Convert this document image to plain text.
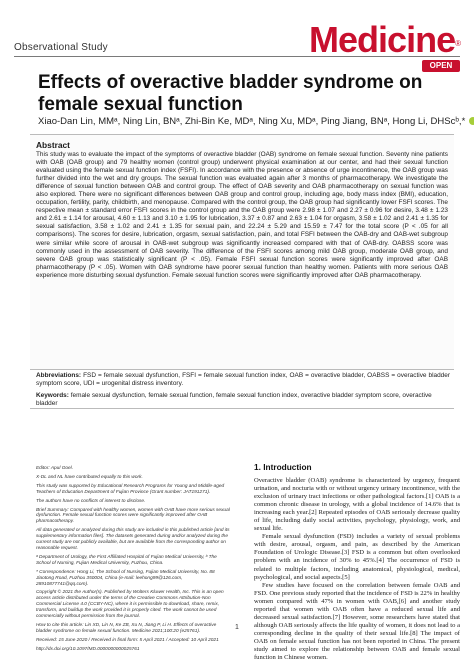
Observational Study	Medicine®
OPEN
Effects of overactive bladder syndrome on female sexual function
Xiao-Dan Lin, MMᵃ, Ning Lin, BNᵃ, Zhi-Bin Ke, MDᵃ, Ning Xu, MDᵃ, Ping Jiang, BNᵃ, Hong Li, DHScᵇ,*
Abstract

This study was to evaluate the impact of the symptoms of overactive bladder (OAB) syndrome on female sexual function. Seventy nine patients with OAB (OAB group) and 79 healthy women (control group) underwent physical examination at our center, and had their sexual function evaluated using the female sexual function index (FSFI). In accordance with the presence or absence of urge incontinence, the OAB group was further divided into the wet and dry groups. The sexual function was evaluated again after 3 months of pharmacotherapy. We investigate the difference of sexual function between OAB and control group. The effect of OAB severity and OAB pharmacotherapy on sexual function was also explored. There were no significant differences between OAB group and control group, including age, body mass index (BMI), education, occupation, fertility, parity, childbirth, and menopause. Compared with the control group, the OAB group had significantly lower FSFI scores. The respective mean ± standard error FSFI scores in the control group and the OAB group were 2.98 ± 1.07 and 2.27 ± 0.96 for desire, 3.48 ± 1.23 and 2.61 ± 1.14 for arousal, 4.60 ± 1.13 and 3.10 ± 1.95 for lubrication, 3.37 ± 0.87 and 2.63 ± 1.04 for orgasm, 3.58 ± 1.02 and 2.41 ± 1.35 for sexual satisfaction, 3.58 ± 1.02 and 2.41 ± 1.35 for sexual pain, and 22.24 ± 5.29 and 15.59 ± 7.47 for the total score (P < .05 for all comparisons). The scores for desire, lubrication, orgasm, sexual satisfaction, pain, and total FSFI between the OAB-dry and OAB-wet subgroup were similar while score of arousal in OAB-wet subgroup was significantly increased compared with that of OAB-dry. OABSS score was commonly used in the assessment of OAB severity. The difference of the FSFI scores among mild OAB group, moderate OAB group, and severe OAB group was statistically significant (P < .05). Female FSFI sexual function scores were significantly improved after OAB pharmacotherapy (P < .05). Women with OAB syndrome have poorer sexual function than healthy women. Patients with more serious OAB experience more disturbing sexual dysfunction. Female sexual function scores were significantly improved after OAB pharmacotherapy.

Abbreviations: FSD = female sexual dysfunction, FSFI = female sexual function index, OAB = overactive bladder, OABSS = overactive bladder symptom score, UDI = urogenital distress inventory.
Keywords: female sexual dysfunction, female sexual function, female sexual function index, overactive bladder symptom score, overactive bladder

Editor: Apul Goel.

X-DL and NL have contributed equally to this work.

This study was supported by Educational Research Programs for Young and Middle-aged Teachers of Education Department of Fujian Province (Grant number: JAT191271).

The authors have no conflicts of interest to disclose.

Brief Summary: Compared with healthy women, women with OAB have more serious sexual dysfunction. Female sexual function scores were significantly improved after OAB pharmacotherapy.

All data generated or analyzed during this study are included in this published article [and its supplementary information files]. The datasets generated during and/or analyzed during the current study are not publicly available, but are available from the corresponding author on reasonable request.

ᵃ Department of Urology, the First Affiliated Hospital of Fujian Medical University, ᵇ The School of Nursing, Fujian Medical University, Fuzhou, China.

* Correspondence: Hong Li, The School of Nursing, Fujian Medical University, No. 88 Jiaotong Road, Fuzhou 350004, China (e-mail: leehong99@126.com, 28910877741@qq.com).

Copyright © 2021 the Author(s). Published by Wolters Kluwer Health, Inc. This is an open access article distributed under the terms of the Creative Commons Attribution-Non Commercial License 4.0 (CCBY-NC), where it is permissible to download, share, remix, transform, and buildup the work provided it is properly cited. The work cannot be used commercially without permission from the journal.

How to cite this article: Lin XD, Lin N, Ke ZB, Xu N, Jiang P, Li H. Effects of overactive bladder syndrome on female sexual function. Medicine 2021;100:20 (e25761).

Received: 15 June 2020 / Received in final form: 5 April 2021 / Accepted: 10 April 2021

http://dx.doi.org/10.1097/MD.0000000000025761

1. Introduction

Overactive bladder (OAB) syndrome is characterized by urgency, frequent urination, and nocturia with or without urgency urinary incontinence, with the exclusion of urinary tract infections or other pathological factors.[1] OAB is a common chronic disease in urology, with a global incidence of 14.6% that is increasing each year.[2] Repeated episodes of OAB seriously decrease quality of life, including daily social activities, psychology, physiology, work, and sexual life.

Female sexual dysfunction (FSD) includes a variety of sexual problems with desire, arousal, orgasm, and pain, as described by the American Foundation of Urologic Disease.[3] FSD is a common but often overlooked problem with an incidence of 30% to 45%.[4] The occurrence of FSD is related to multiple factors, including anatomical, physiological, medical, psychological, and social aspects.[5]

Few studies have focused on the correlation between female OAB and FSD. One previous study reported that the incidence of FSD is 22% in healthy women compared with 47% in women with OAB,[6] and another study reported that women with OAB often have a reduced sexual life and decreased sexual satisfaction.[7] However, some researchers have stated that although OAB seriously affects the life quality of women, it does not lead to a corresponding decline in the quality of their sexual life.[8] The impact of OAB on female sexual function has not been reported in China. The present study aimed to explore the relationship between OAB and female sexual function in Chinese women.

1
